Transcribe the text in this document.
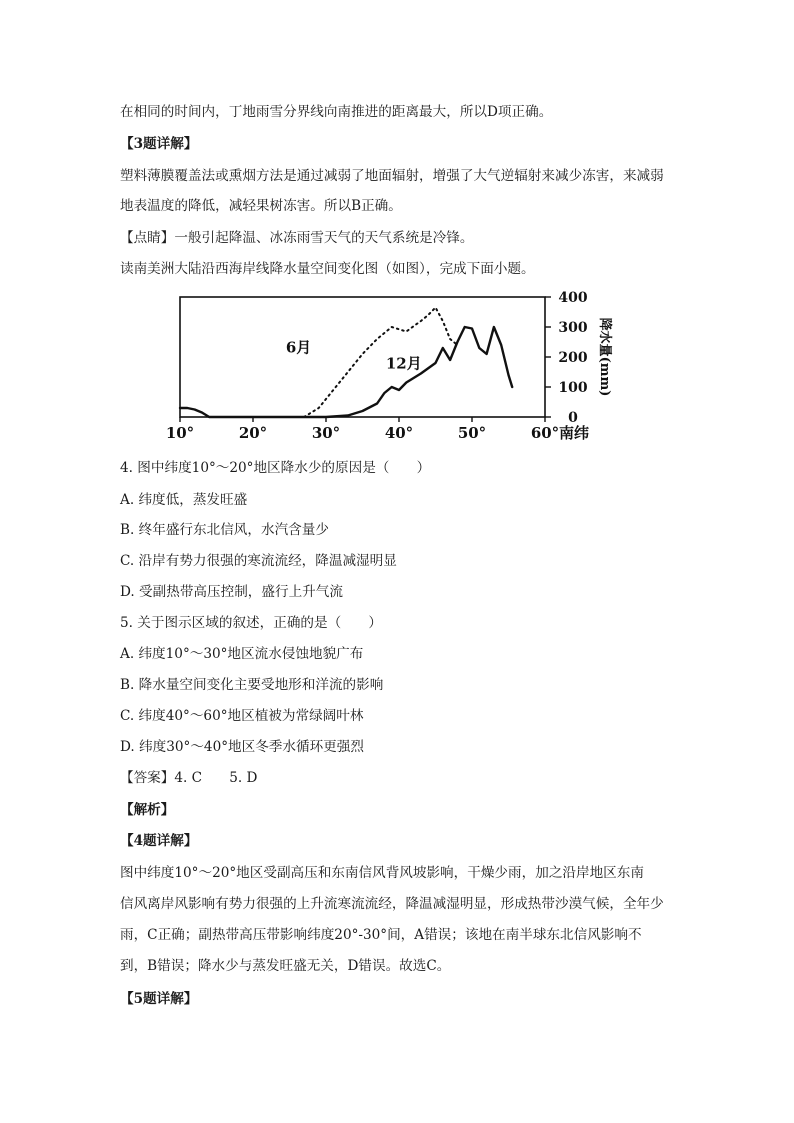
在相同的时间内，丁地雨雪分界线向南推进的距离最大，所以D项正确。
【3题详解】
塑料薄膜覆盖法或熏烟方法是通过减弱了地面辐射，增强了大气逆辐射来减少冻害，来减弱
地表温度的降低，减轻果树冻害。所以B正确。
【点睛】一般引起降温、冰冻雨雪天气的天气系统是冷锋。
读南美洲大陆沿西海岸线降水量空间变化图（如图），完成下面小题。
10°	20°	30°	40°	50°	60° 南纬
0
100
200
300
400
降水量(mm)
6月
12月
4. 图中纬度10°～20°地区降水少的原因是（　　）
A. 纬度低，蒸发旺盛
B. 终年盛行东北信风，水汽含量少
C. 沿岸有势力很强的寒流流经，降温减湿明显
D. 受副热带高压控制，盛行上升气流
5. 关于图示区域的叙述，正确的是（　　）
A. 纬度10°～30°地区流水侵蚀地貌广布
B. 降水量空间变化主要受地形和洋流的影响
C. 纬度40°～60°地区植被为常绿阔叶林
D. 纬度30°～40°地区冬季水循环更强烈
【答案】4. C　　5. D
【解析】
【4题详解】
图中纬度10°～20°地区受副高压和东南信风背风坡影响，干燥少雨，加之沿岸地区东南
信风离岸风影响有势力很强的上升流寒流流经，降温减湿明显，形成热带沙漠气候，全年少
雨，C正确；副热带高压带影响纬度20°-30°间，A错误；该地在南半球东北信风影响不
到，B错误；降水少与蒸发旺盛无关，D错误。故选C。
【5题详解】
